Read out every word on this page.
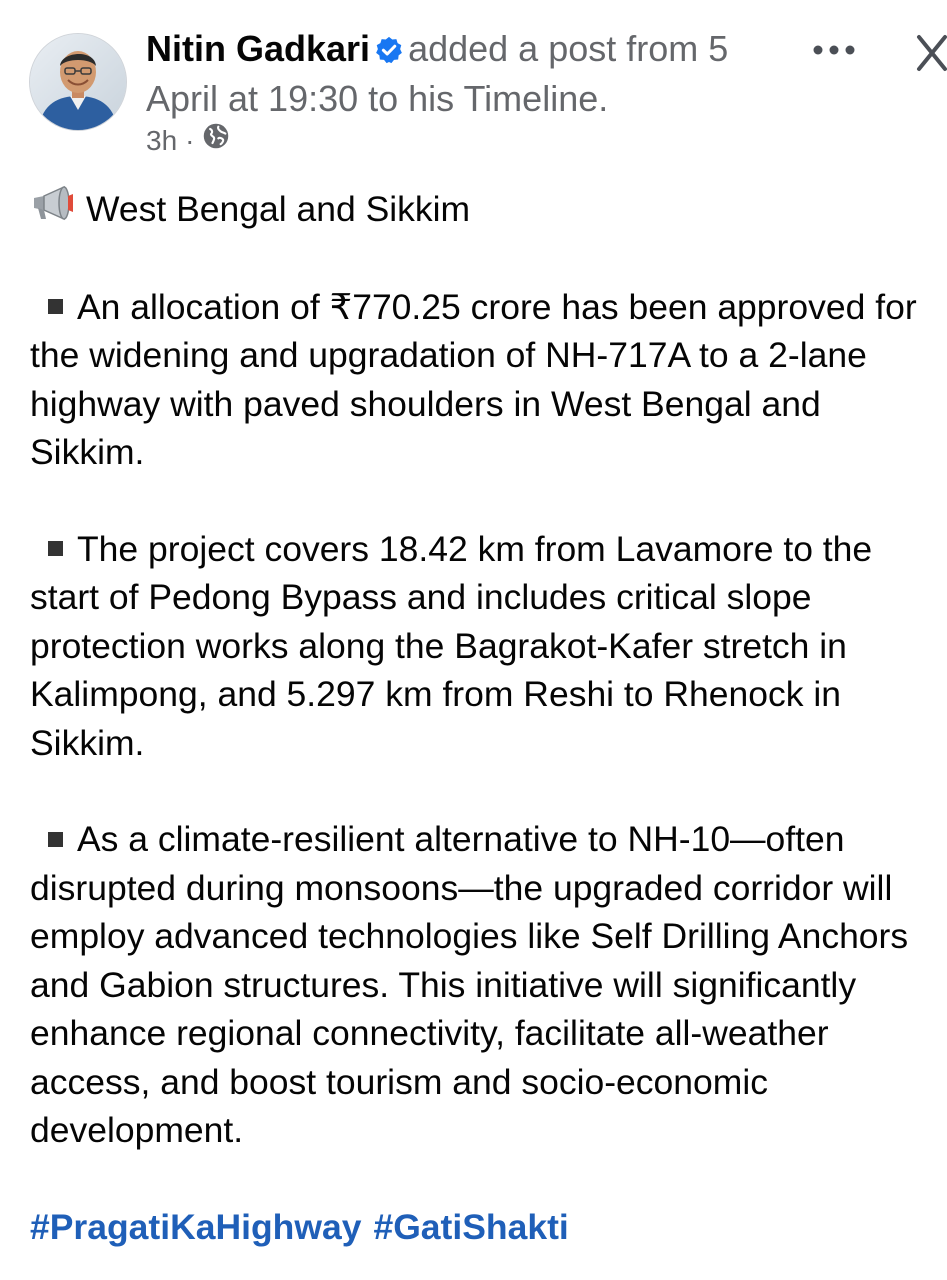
Nitin Gadkari added a post from 5 April at 19:30 to his Timeline.
3h ·

West Bengal and Sikkim

An allocation of ₹770.25 crore has been approved for the widening and upgradation of NH-717A to a 2-lane highway with paved shoulders in West Bengal and Sikkim.

The project covers 18.42 km from Lavamore to the start of Pedong Bypass and includes critical slope protection works along the Bagrakot-Kafer stretch in Kalimpong, and 5.297 km from Reshi to Rhenock in Sikkim.

As a climate-resilient alternative to NH-10—often disrupted during monsoons—the upgraded corridor will employ advanced technologies like Self Drilling Anchors and Gabion structures. This initiative will significantly enhance regional connectivity, facilitate all-weather access, and boost tourism and socio-economic development.

#PragatiKaHighway #GatiShakti
